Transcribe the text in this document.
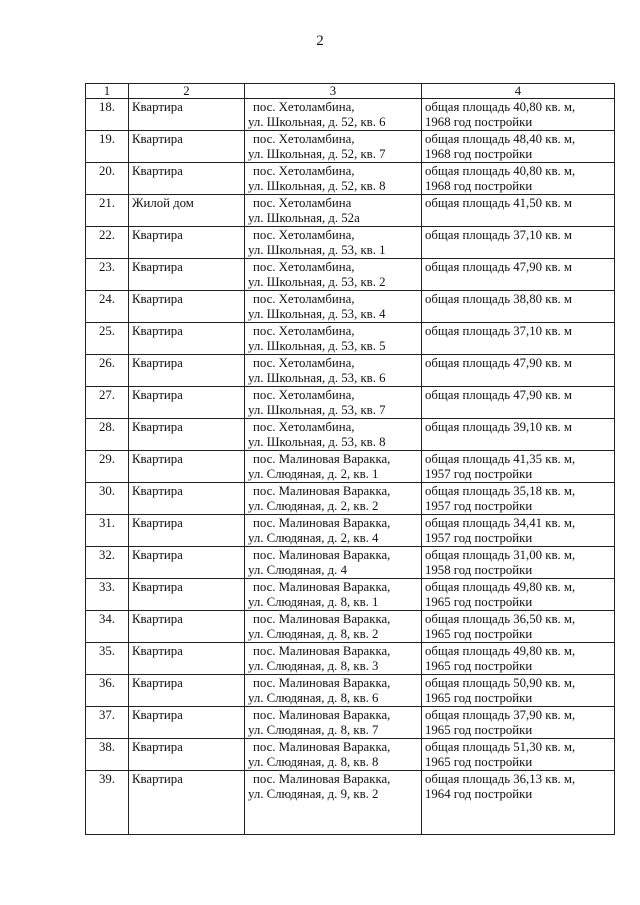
2
1	2	3	4
18.	Квартира	пос. Хетоламбина,
ул. Школьная, д. 52, кв. 6	общая площадь 40,80 кв. м,
1968 год постройки

19.	Квартира	пос. Хетоламбина,
ул. Школьная, д. 52, кв. 7	общая площадь 48,40 кв. м,
1968 год постройки

20.	Квартира	пос. Хетоламбина,
ул. Школьная, д. 52, кв. 8	общая площадь 40,80 кв. м,
1968 год постройки

21.	Жилой дом	пос. Хетоламбина
ул. Школьная, д. 52а	общая площадь 41,50 кв. м

22.	Квартира	пос. Хетоламбина,
ул. Школьная, д. 53, кв. 1	общая площадь 37,10 кв. м

23.	Квартира	пос. Хетоламбина,
ул. Школьная, д. 53, кв. 2	общая площадь 47,90 кв. м

24.	Квартира	пос. Хетоламбина,
ул. Школьная, д. 53, кв. 4	общая площадь 38,80 кв. м

25.	Квартира	пос. Хетоламбина,
ул. Школьная, д. 53, кв. 5	общая площадь 37,10 кв. м

26.	Квартира	пос. Хетоламбина,
ул. Школьная, д. 53, кв. 6	общая площадь 47,90 кв. м

27.	Квартира	пос. Хетоламбина,
ул. Школьная, д. 53, кв. 7	общая площадь 47,90 кв. м

28.	Квартира	пос. Хетоламбина,
ул. Школьная, д. 53, кв. 8	общая площадь 39,10 кв. м

29.	Квартира	пос. Малиновая Варакка,
ул. Слюдяная, д. 2, кв. 1	общая площадь 41,35 кв. м,
1957 год постройки

30.	Квартира	пос. Малиновая Варакка,
ул. Слюдяная, д. 2, кв. 2	общая площадь 35,18 кв. м,
1957 год постройки

31.	Квартира	пос. Малиновая Варакка,
ул. Слюдяная, д. 2, кв. 4	общая площадь 34,41 кв. м,
1957 год постройки

32.	Квартира	пос. Малиновая Варакка,
ул. Слюдяная, д. 4	общая площадь 31,00 кв. м,
1958 год постройки

33.	Квартира	пос. Малиновая Варакка,
ул. Слюдяная, д. 8, кв. 1	общая площадь 49,80 кв. м,
1965 год постройки

34.	Квартира	пос. Малиновая Варакка,
ул. Слюдяная, д. 8, кв. 2	общая площадь 36,50 кв. м,
1965 год постройки

35.	Квартира	пос. Малиновая Варакка,
ул. Слюдяная, д. 8, кв. 3	общая площадь 49,80 кв. м,
1965 год постройки

36.	Квартира	пос. Малиновая Варакка,
ул. Слюдяная, д. 8, кв. 6	общая площадь 50,90 кв. м,
1965 год постройки

37.	Квартира	пос. Малиновая Варакка,
ул. Слюдяная, д. 8, кв. 7	общая площадь 37,90 кв. м,
1965 год постройки

38.	Квартира	пос. Малиновая Варакка,
ул. Слюдяная, д. 8, кв. 8	общая площадь 51,30 кв. м,
1965 год постройки

39.	Квартира	пос. Малиновая Варакка,
ул. Слюдяная, д. 9, кв. 2	общая площадь 36,13 кв. м,
1964 год постройки
